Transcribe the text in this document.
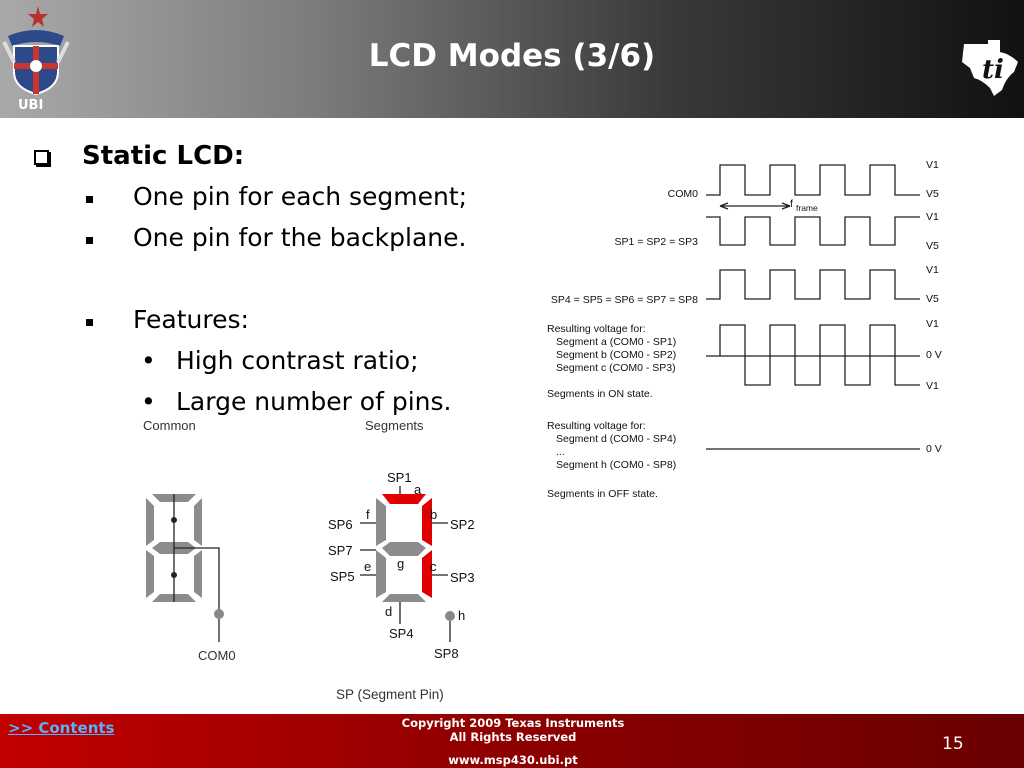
UBI
LCD Modes (3/6)	ti
Static LCD:
One pin for each segment;
One pin for the backplane.
Features:
• High contrast ratio;
• Large number of pins.
COM0
SP1 = SP2 = SP3
SP4 = SP5 = SP6 = SP7 = SP8
f frame
V1
V5
V1
V5
V1
V5
V1
0 V
V1
0 V
Resulting voltage for:
Segment a (COM0 - SP1)
Segment b (COM0 - SP2)
Segment c (COM0 - SP3)
Segments in ON state.
Resulting voltage for:
Segment d (COM0 - SP4)
...
Segment h (COM0 - SP8)
Segments in OFF state.
Common	Segments
COM0
SP1
a
SP6
f	b
SP2
SP7
g
e	c
SP5	SP3
d	h
SP4
SP8
SP (Segment Pin)
>> Contents	Copyright 2009 Texas Instruments
All Rights Reserved
www.msp430.ubi.pt
15
